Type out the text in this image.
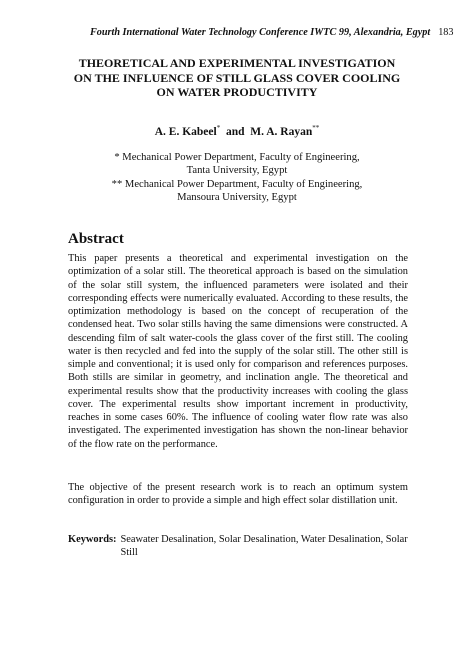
Fourth International Water Technology Conference IWTC 99, Alexandria, Egypt 183
THEORETICAL AND EXPERIMENTAL INVESTIGATION
ON THE INFLUENCE OF STILL GLASS COVER COOLING
ON WATER PRODUCTIVITY
A. E. Kabeel* and M. A. Rayan**
* Mechanical Power Department, Faculty of Engineering,
Tanta University, Egypt
** Mechanical Power Department, Faculty of Engineering,
Mansoura University, Egypt
Abstract
This paper presents a theoretical and experimental investigation on the optimization of a solar still. The theoretical approach is based on the simulation of the solar still system, the influenced parameters were isolated and their corresponding effects were numerically evaluated. According to these results, the optimization methodology is based on the concept of recuperation of the condensed heat. Two solar stills having the same dimensions were constructed. A descending film of salt water-cools the glass cover of the first still. The cooling water is then recycled and fed into the supply of the solar still. The other still is simple and conventional; it is used only for comparison and references purposes. Both stills are similar in geometry, and inclination angle. The theoretical and experimental results show that the productivity increases with cooling the glass cover. The experimental results show important increment in productivity, reaches in some cases 60%. The influence of cooling water flow rate was also investigated. The experimented investigation has shown the non-linear behavior of the flow rate on the performance.
The objective of the present research work is to reach an optimum system configuration in order to provide a simple and high effect solar distillation unit.
Keywords: Seawater Desalination, Solar Desalination, Water Desalination, Solar Still
